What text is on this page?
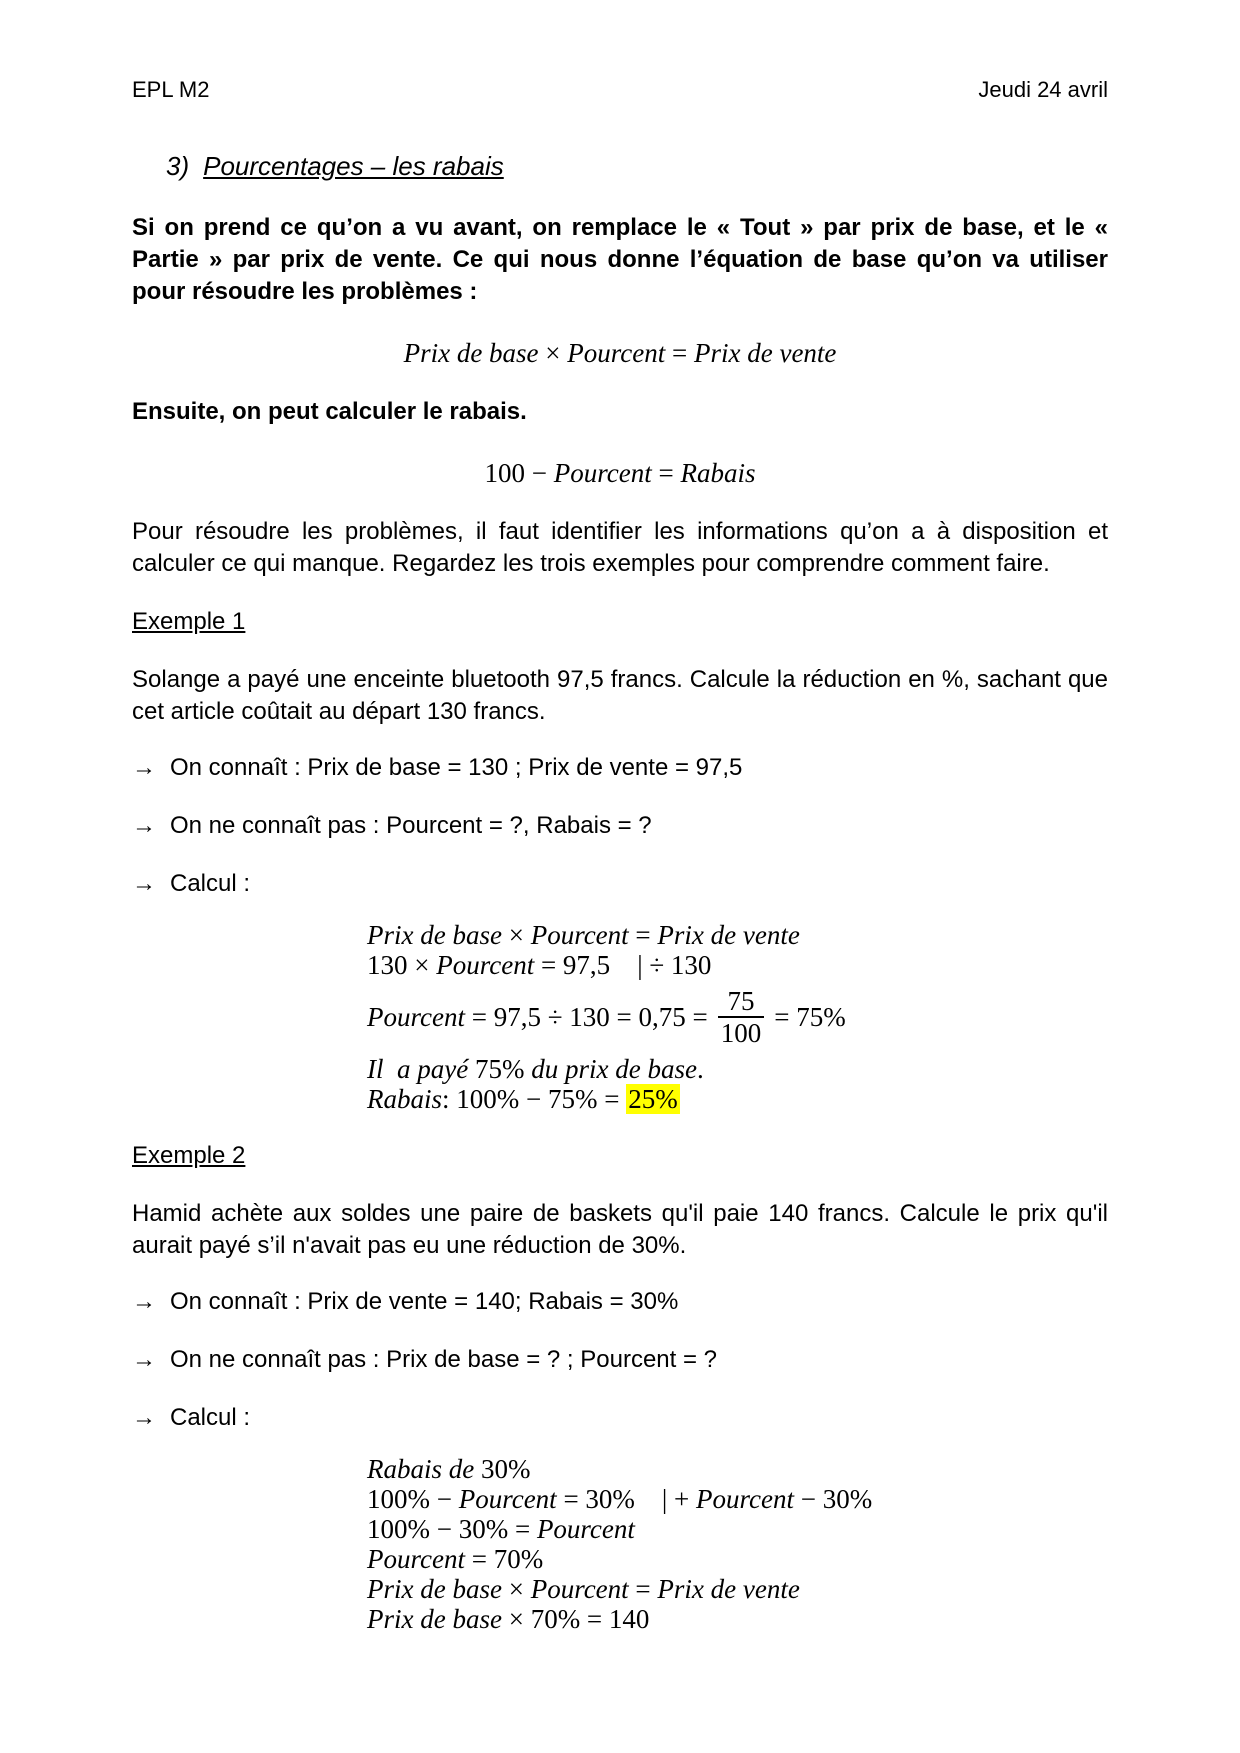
EPL M2	Jeudi 24 avril
3) Pourcentages – les rabais
Si on prend ce qu’on a vu avant, on remplace le « Tout » par prix de base, et le « Partie » par prix de vente. Ce qui nous donne l’équation de base qu’on va utiliser pour résoudre les problèmes :
Prix de base × Pourcent = Prix de vente
Ensuite, on peut calculer le rabais.
100 − Pourcent = Rabais
Pour résoudre les problèmes, il faut identifier les informations qu’on a à disposition et calculer ce qui manque. Regardez les trois exemples pour comprendre comment faire.
Exemple 1
Solange a payé une enceinte bluetooth 97,5 francs. Calcule la réduction en %, sachant que cet article coûtait au départ 130 francs.
→ On connaît : Prix de base = 130 ; Prix de vente = 97,5
→ On ne connaît pas : Pourcent = ?, Rabais = ?
→ Calcul :
Prix de base × Pourcent = Prix de vente
130 × Pourcent = 97,5 | ÷ 130
Pourcent = $97,5 \div 130 = 0,75 = \frac{75}{100} = 75\%$
Il  a payé 75% du prix de base.
Rabais: 100% − 75% = 25%
Exemple 2
Hamid achète aux soldes une paire de baskets qu'il paie 140 francs. Calcule le prix qu'il aurait payé s’il n'avait pas eu une réduction de 30%.
→ On connaît : Prix de vente = 140; Rabais = 30%
→ On ne connaît pas : Prix de base = ? ; Pourcent = ?
→ Calcul :
Rabais de 30%
100% − Pourcent = 30% | + Pourcent − 30%
100% − 30% = Pourcent
Pourcent = 70%
Prix de base × Pourcent = Prix de vente
Prix de base × 70% = 140
